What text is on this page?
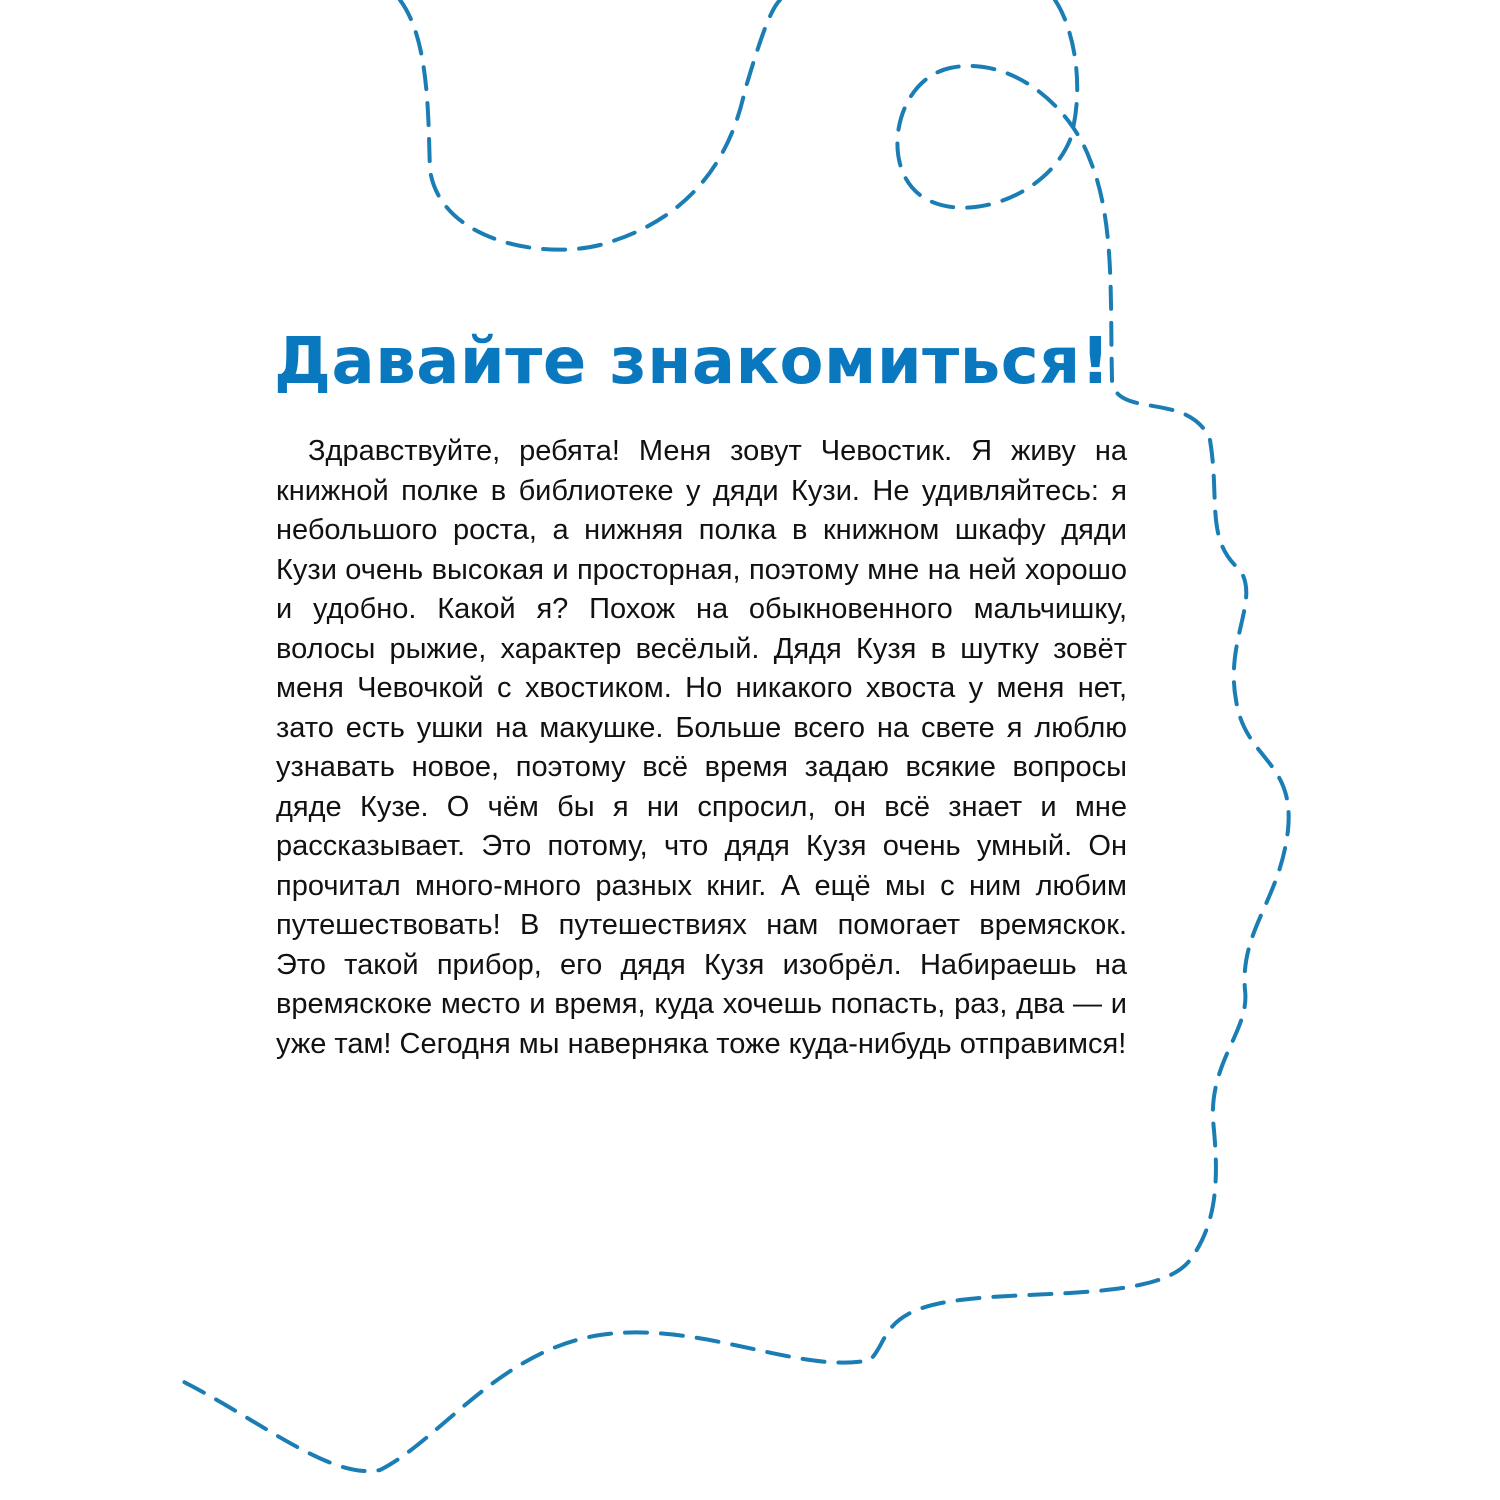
Давайте знакомиться!

Здравствуйте, ребята! Меня зовут Чевостик. Я живу на книжной полке в библиотеке у дяди Кузи. Не удивляйтесь: я небольшого роста, а нижняя полка в книжном шкафу дяди Кузи очень высокая и просторная, поэтому мне на ней хорошо и удобно. Какой я? Похож на обыкновенного мальчишку, волосы рыжие, характер весёлый. Дядя Кузя в шутку зовёт меня Чевочкой с хвостиком. Но никакого хвоста у меня нет, зато есть ушки на макушке. Больше всего на свете я люблю узнавать новое, поэтому всё время задаю всякие вопросы дяде Кузе. О чём бы я ни спросил, он всё знает и мне рассказывает. Это потому, что дядя Кузя очень умный. Он прочитал много-много разных книг. А ещё мы с ним любим путешествовать! В путешествиях нам помогает времяскок. Это такой прибор, его дядя Кузя изобрёл. Набираешь на времяскоке место и время, куда хочешь попасть, раз, два — и уже там! Сегодня мы наверняка тоже куда-нибудь отправимся!
